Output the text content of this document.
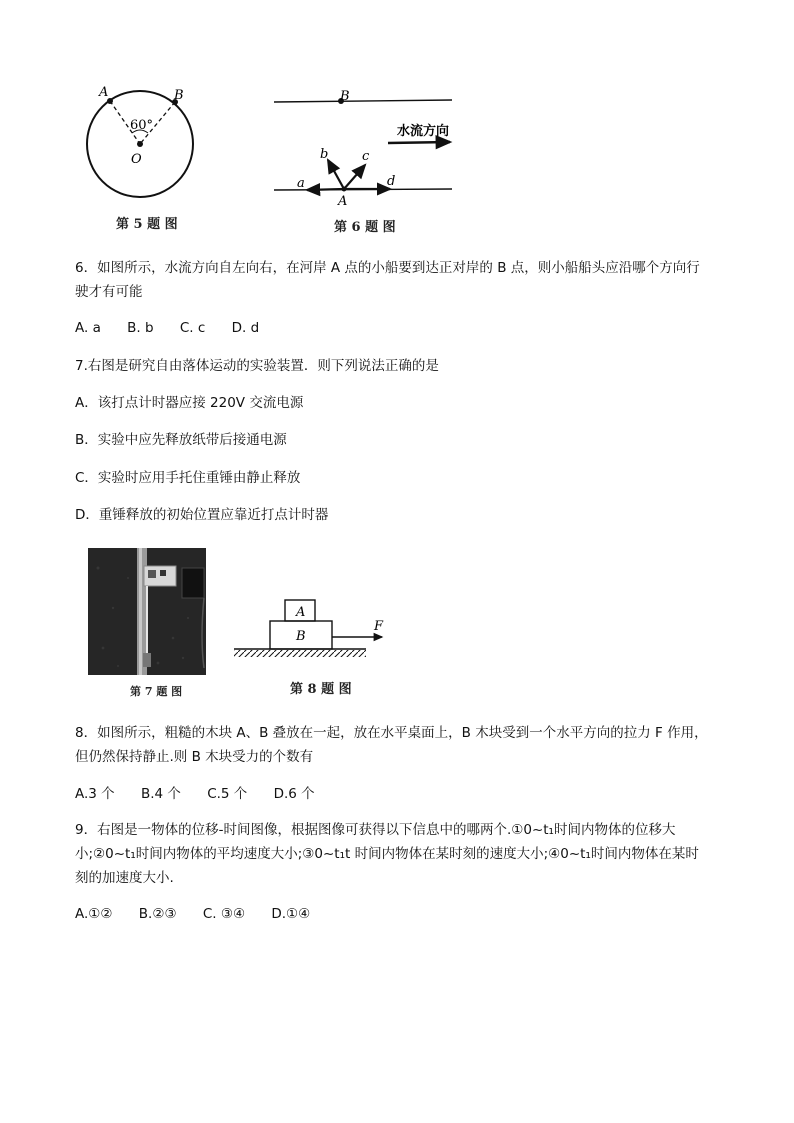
A	B
O
60°
第 5 题 图
B
A
a
b	c
d
水流方向
第 6 题 图
6．如图所示，水流方向自左向右，在河岸 A 点的小船要到达正对岸的 B 点，则小船船头应沿哪个方向行
驶才有可能
A. a B. b C. c D. d
7.右图是研究自由落体运动的实验装置．则下列说法正确的是
A．该打点计时器应接 220V 交流电源
B．实验中应先释放纸带后接通电源
C．实验时应用手托住重锤由静止释放
D．重锤释放的初始位置应靠近打点计时器
第 7 题 图
A
B
F
第 8 题 图
8．如图所示，粗糙的木块 A、B 叠放在一起，放在水平桌面上，B 木块受到一个水平方向的拉力 F 作用，
但仍然保持静止.则 B 木块受力的个数有
A.3 个 B.4 个 C.5 个 D.6 个
9．右图是一物体的位移-时间图像，根据图像可获得以下信息中的哪两个.①0~t₁时间内物体的位移大
小;②0~t₁时间内物体的平均速度大小;③0~t₁t 时间内物体在某时刻的速度大小;④0~t₁时间内物体在某时
刻的加速度大小.
A.①② B.②③ C. ③④ D.①④
